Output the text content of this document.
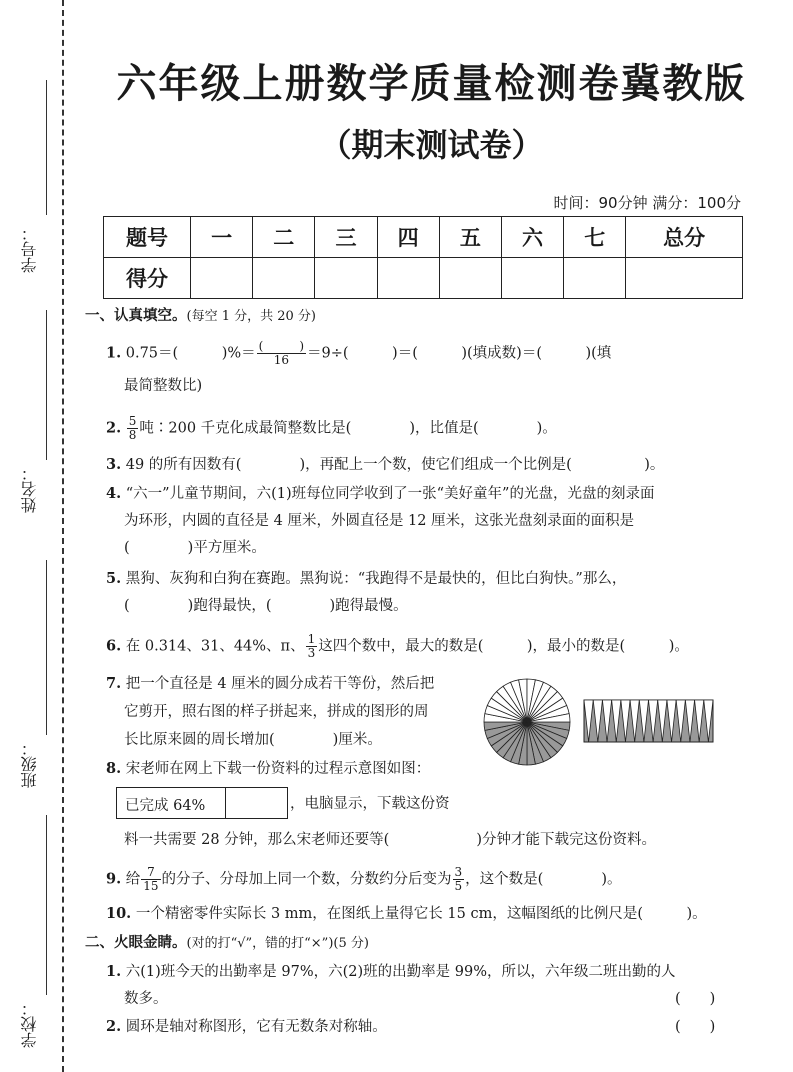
学号：
姓名：
班级：
学校：
六年级上册数学质量检测卷冀教版
（期末测试卷）
时间：90分钟 满分：100分
题号	一	二	三	四	五	六	七	总分
得分								
一、认真填空。(每空 1 分，共 20 分)
1. 0.75＝(　　　)%＝ $\frac{( )}{16} =9\div$(　　　)＝(　　　)(填成数)＝(　　　)(填
最简整数比)
2. $\frac{5}{8}$ 吨∶200 千克化成最简整数比是(　　　　)，比值是(　　　　)。
3. 49 的所有因数有(　　　　)，再配上一个数，使它们组成一个比例是(　　　　　)。
4. “六一”儿童节期间，六(1)班每位同学收到了一张“美好童年”的光盘，光盘的刻录面
为环形，内圆的直径是 4 厘米，外圆直径是 12 厘米，这张光盘刻录面的面积是
(　　　　)平方厘米。
5. 黑狗、灰狗和白狗在赛跑。黑狗说：“我跑得不是最快的，但比白狗快。”那么，
(　　　　)跑得最快，(　　　　)跑得最慢。
6. 在 0.314、31、44%、π、 $\frac{1}{3}$ 这四个数中，最大的数是(　　　)，最小的数是(　　　)。
7. 把一个直径是 4 厘米的圆分成若干等份，然后把
它剪开，照右图的样子拼起来，拼成的图形的周
长比原来圆的周长增加(　　　　)厘米。
8. 宋老师在网上下载一份资料的过程示意图如图：
已完成 64%	，电脑显示，下载这份资
料一共需要 28 分钟，那么宋老师还要等(　　　　　　)分钟才能下载完这份资料。
9. 给 $\frac{7}{15}$ 的分子、分母加上同一个数，分数约分后变为 $\frac{3}{5}$ ，这个数是(　　　　)。
10. 一个精密零件实际长 3 mm，在图纸上量得它长 15 cm，这幅图纸的比例尺是(　　　)。
二、火眼金睛。(对的打“√”，错的打“×”)(5 分)
1. 六(1)班今天的出勤率是 97%，六(2)班的出勤率是 99%，所以，六年级二班出勤的人
数多。	(　　)
2. 圆环是轴对称图形，它有无数条对称轴。	(　　)
